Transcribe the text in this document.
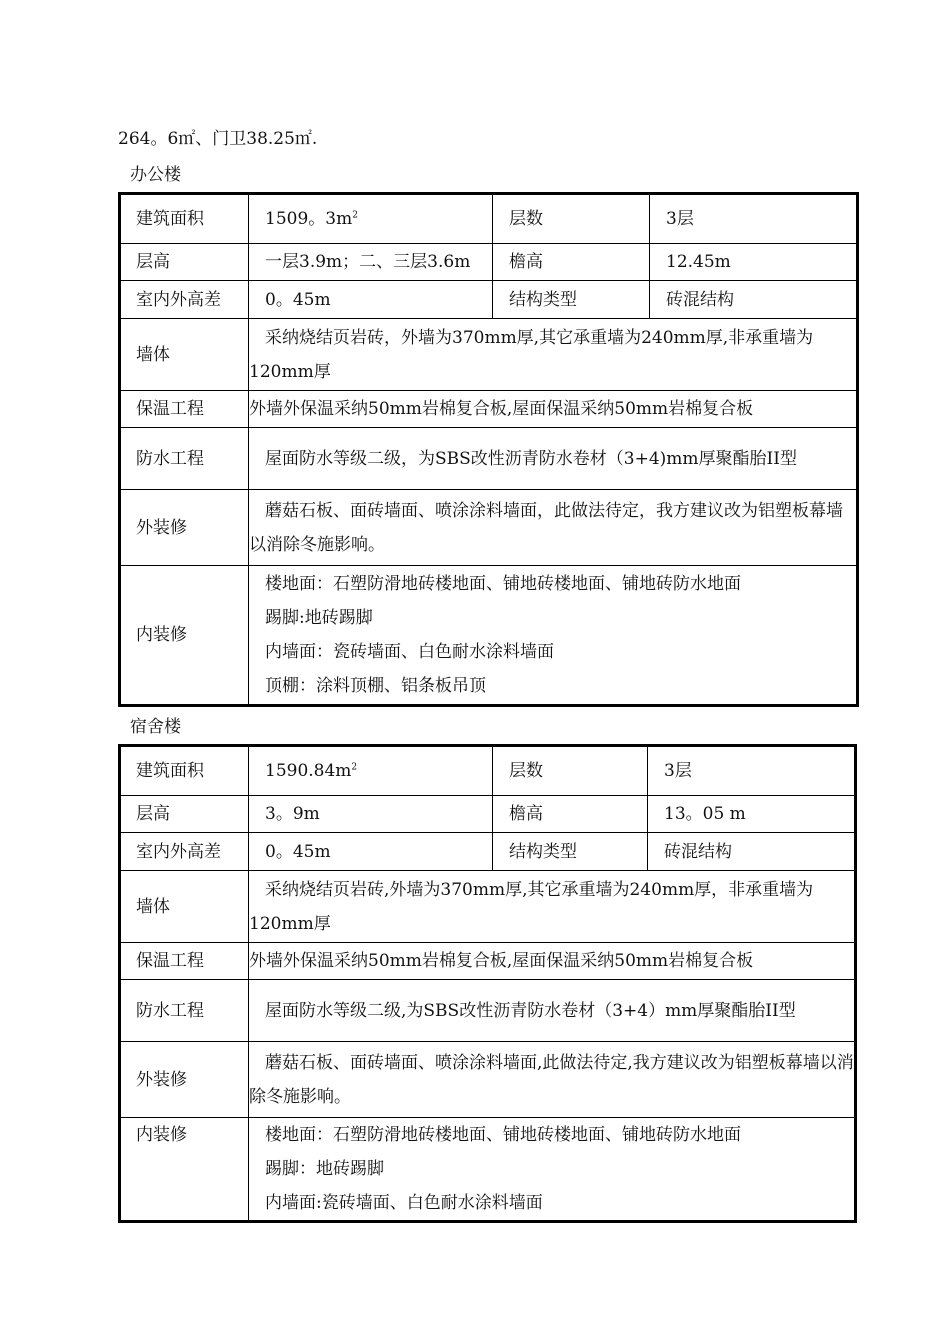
264。6㎡、门卫38.25㎡.
办公楼
建筑面积	1509。$3m^2$	层数	3层
层高	一层3.9m；二、三层3.6m	檐高	12.45m
室内外高差	0。45m	结构类型	砖混结构
墙体	采纳烧结页岩砖，外墙为370mm厚,其它承重墙为240mm厚,非承重墙为120mm厚		
保温工程	外墙外保温采纳50mm岩棉复合板,屋面保温采纳50mm岩棉复合板		
防水工程	屋面防水等级二级，为SBS改性沥青防水卷材（3+4)mm厚聚酯胎II型		
外装修	蘑菇石板、面砖墙面、喷涂涂料墙面，此做法待定，我方建议改为铝塑板幕墙以消除冬施影响。		
内装修	楼地面：石塑防滑地砖楼地面、铺地砖楼地面、铺地砖防水地面
踢脚:地砖踢脚
内墙面：瓷砖墙面、白色耐水涂料墙面
顶棚：涂料顶棚、铝条板吊顶		
宿舍楼
建筑面积	$1590.84m^2$	层数	3层
层高	3。9m	檐高	13。05 m
室内外高差	0。45m	结构类型	砖混结构
墙体	采纳烧结页岩砖,外墙为370mm厚,其它承重墙为240mm厚，非承重墙为120mm厚		
保温工程	外墙外保温采纳50mm岩棉复合板,屋面保温采纳50mm岩棉复合板		
防水工程	屋面防水等级二级,为SBS改性沥青防水卷材（3+4）mm厚聚酯胎II型		
外装修	蘑菇石板、面砖墙面、喷涂涂料墙面,此做法待定,我方建议改为铝塑板幕墙以消除冬施影响。		
内装修	楼地面：石塑防滑地砖楼地面、铺地砖楼地面、铺地砖防水地面
踢脚：地砖踢脚
内墙面:瓷砖墙面、白色耐水涂料墙面		
